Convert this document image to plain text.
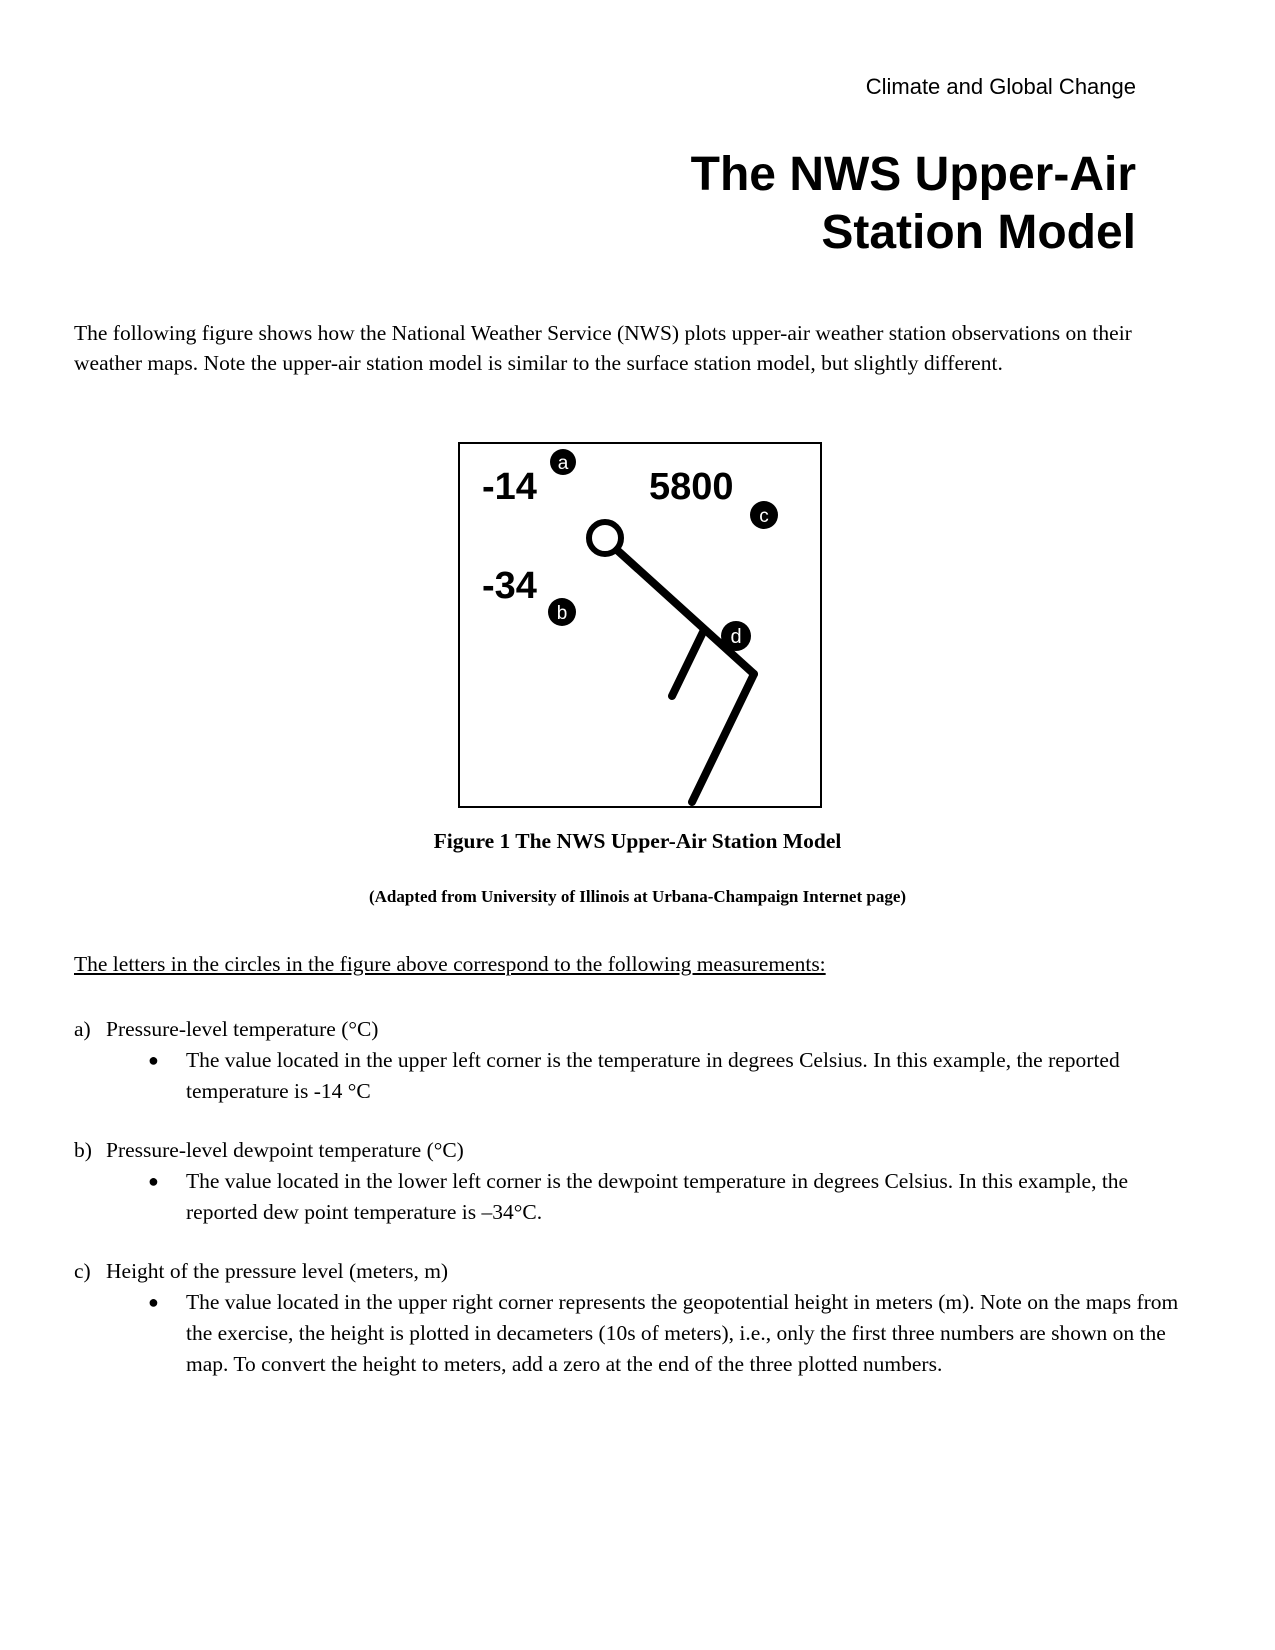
Climate and Global Change
The NWS Upper-Air
Station Model
The following figure shows how the National Weather Service (NWS) plots upper-air weather station observations on their weather maps. Note the upper-air station model is similar to the surface station model, but slightly different.
-14
a
5800
c
-34
b
d
Figure 1 The NWS Upper-Air Station Model
(Adapted from University of Illinois at Urbana-Champaign Internet page)
The letters in the circles in the figure above correspond to the following measurements:
a) Pressure-level temperature (°C)
●	The value located in the upper left corner is the temperature in degrees Celsius. In this example, the reported temperature is -14 °C
b) Pressure-level dewpoint temperature (°C)
●	The value located in the lower left corner is the dewpoint temperature in degrees Celsius. In this example, the reported dew point temperature is –34°C.
c) Height of the pressure level (meters, m)
●	The value located in the upper right corner represents the geopotential height in meters (m). Note on the maps from the exercise, the height is plotted in decameters (10s of meters), i.e., only the first three numbers are shown on the map. To convert the height to meters, add a zero at the end of the three plotted numbers.
